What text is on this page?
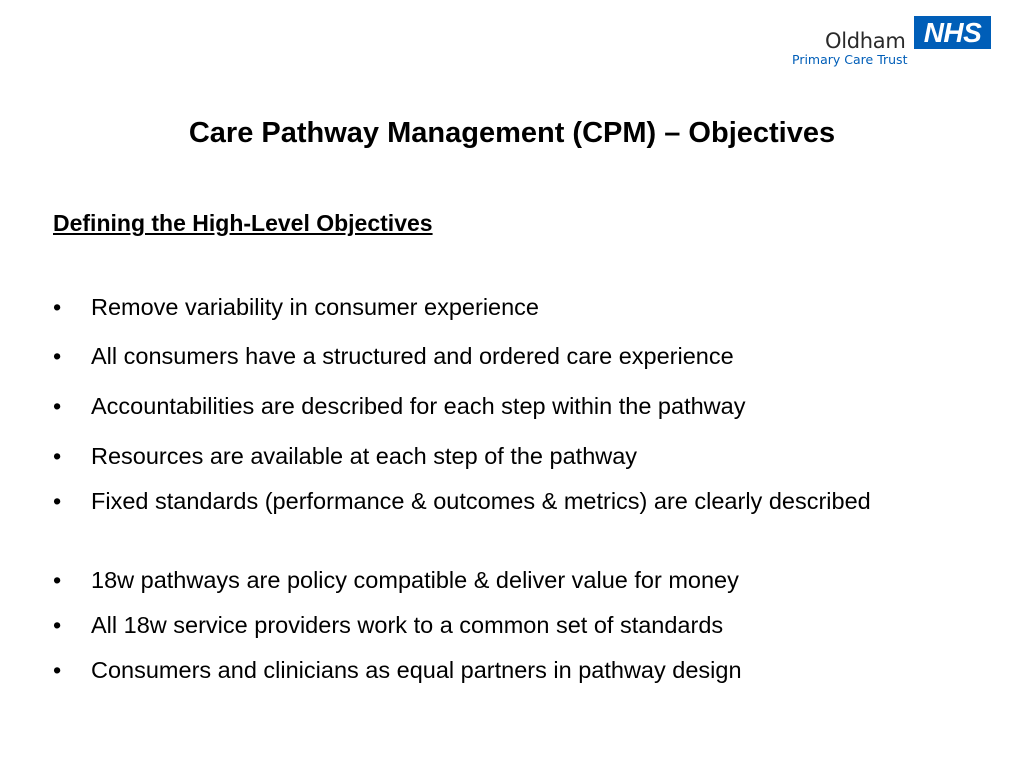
Oldham NHS
Primary Care Trust
Care Pathway Management (CPM) – Objectives
Defining the High-Level Objectives
•	Remove variability in consumer experience
•	All consumers have a structured and ordered care experience
•	Accountabilities are described for each step within the pathway
•	Resources are available at each step of the pathway
•	Fixed standards (performance & outcomes & metrics) are clearly described
•	18w pathways are policy compatible & deliver value for money
•	All 18w service providers work to a common set of standards
•	Consumers and clinicians as equal partners in pathway design
